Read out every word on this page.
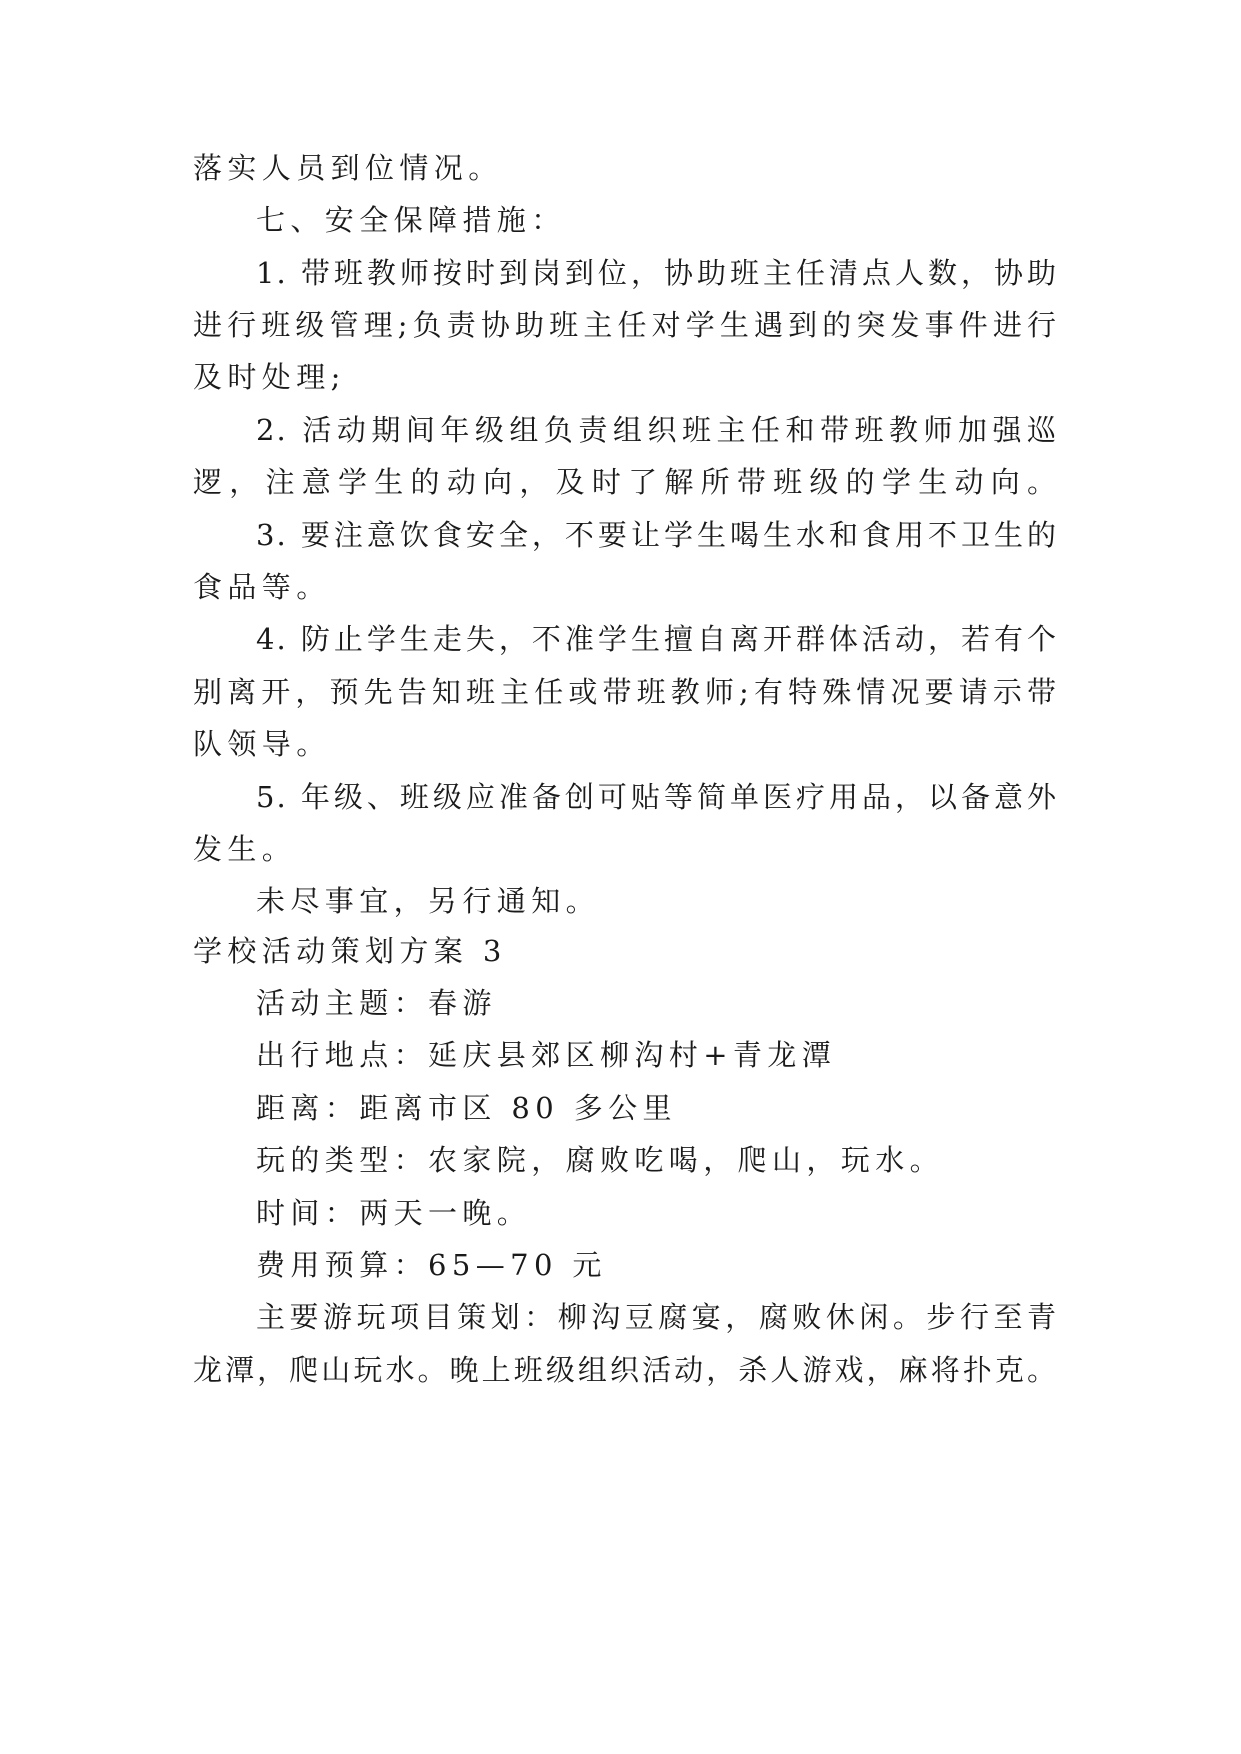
落实人员到位情况。
七、安全保障措施：
1. 带班教师按时到岗到位，协助班主任清点人数，协助
进行班级管理;负责协助班主任对学生遇到的突发事件进行
及时处理;
2. 活动期间年级组负责组织班主任和带班教师加强巡
逻，注意学生的动向，及时了解所带班级的学生动向。
3. 要注意饮食安全，不要让学生喝生水和食用不卫生的
食品等。
4. 防止学生走失，不准学生擅自离开群体活动，若有个
别离开，预先告知班主任或带班教师;有特殊情况要请示带
队领导。
5. 年级、班级应准备创可贴等简单医疗用品，以备意外
发生。
未尽事宜，另行通知。
学校活动策划方案 3
活动主题：春游
出行地点：延庆县郊区柳沟村+青龙潭
距离：距离市区 80 多公里
玩的类型：农家院，腐败吃喝，爬山，玩水。
时间：两天一晚。
费用预算：65—70 元
主要游玩项目策划：柳沟豆腐宴，腐败休闲。步行至青
龙潭，爬山玩水。晚上班级组织活动，杀人游戏，麻将扑克。
